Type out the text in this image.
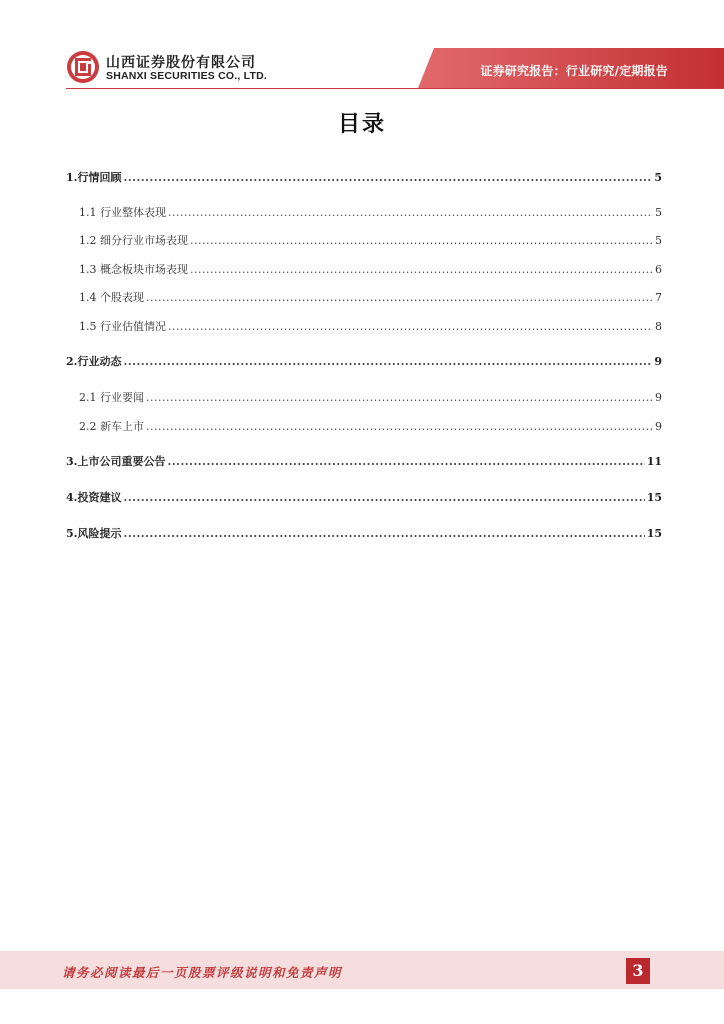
山西证券股份有限公司
SHANXI SECURITIES CO., LTD.	证券研究报告：行业研究/定期报告
目录
1.行情回顾 .....	5
1.1 行业整体表现 .....	5
1.2 细分行业市场表现 .....	5
1.3 概念板块市场表现 .....	6
1.4 个股表现 .....	7
1.5 行业估值情况 .....	8
2.行业动态 .....	9
2.1 行业要闻 .....	9
2.2 新车上市 .....	9
3.上市公司重要公告 .....	11
4.投资建议 .....	15
5.风险提示 .....	15
请务必阅读最后一页股票评级说明和免责声明	3
